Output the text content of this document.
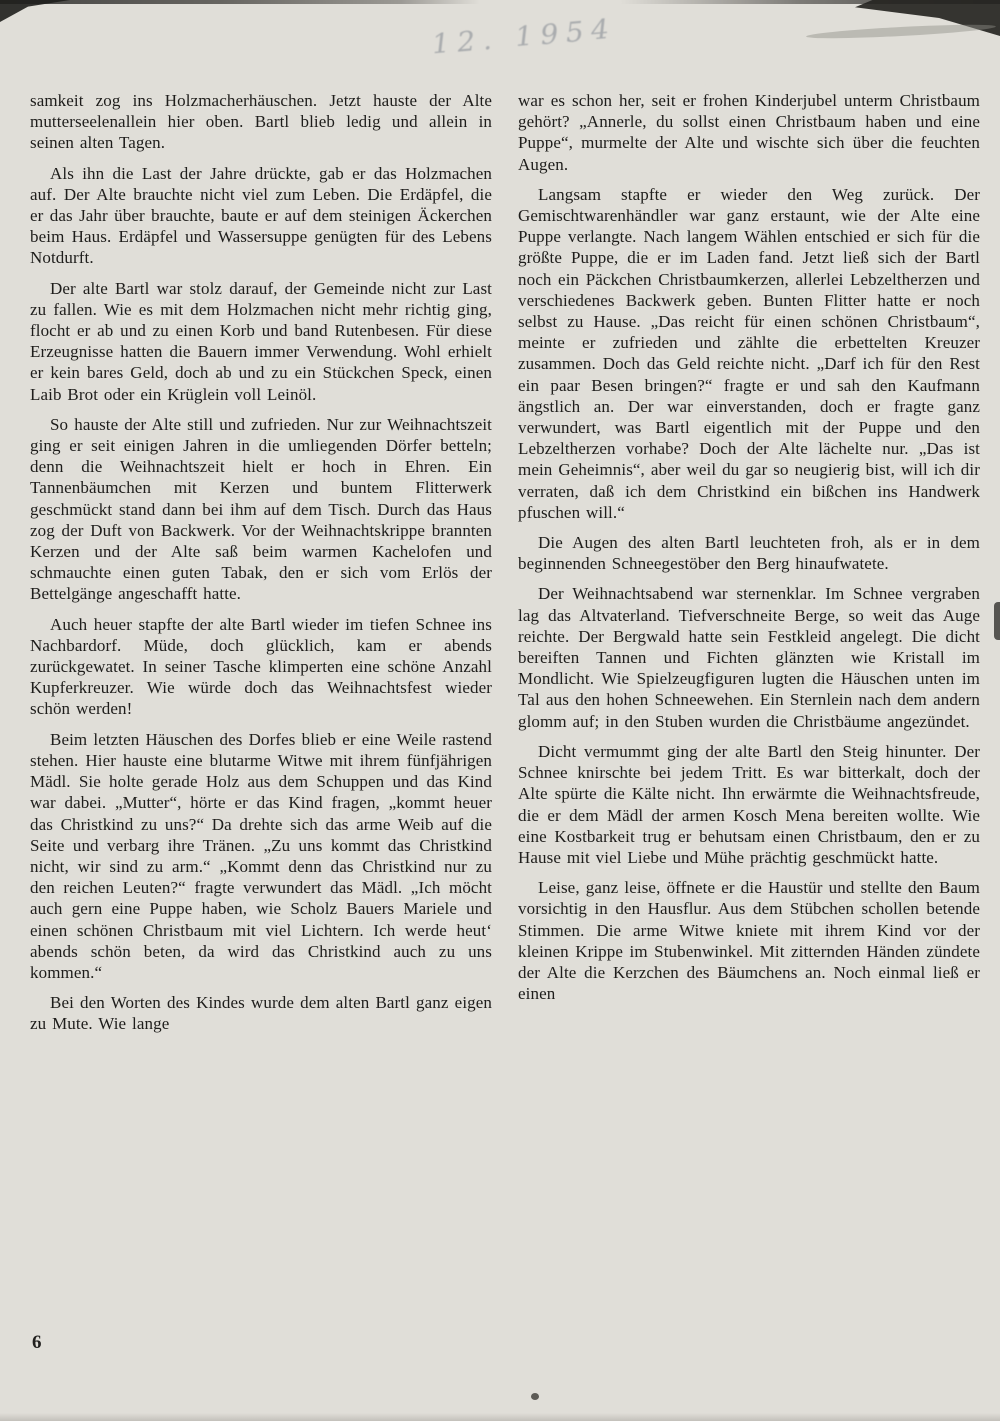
12. 1954

samkeit zog ins Holzmacherhäuschen. Jetzt hauste der Alte mutterseelenallein hier oben. Bartl blieb ledig und allein in seinen alten Tagen.

Als ihn die Last der Jahre drückte, gab er das Holzmachen auf. Der Alte brauchte nicht viel zum Leben. Die Erdäpfel, die er das Jahr über brauchte, baute er auf dem steinigen Äckerchen beim Haus. Erdäpfel und Wassersuppe genügten für des Lebens Notdurft.

Der alte Bartl war stolz darauf, der Gemeinde nicht zur Last zu fallen. Wie es mit dem Holzmachen nicht mehr richtig ging, flocht er ab und zu einen Korb und band Rutenbesen. Für diese Erzeugnisse hatten die Bauern immer Verwendung. Wohl erhielt er kein bares Geld, doch ab und zu ein Stückchen Speck, einen Laib Brot oder ein Krüglein voll Leinöl.

So hauste der Alte still und zufrieden. Nur zur Weihnachtszeit ging er seit einigen Jahren in die umliegenden Dörfer betteln; denn die Weihnachtszeit hielt er hoch in Ehren. Ein Tannenbäumchen mit Kerzen und buntem Flitterwerk geschmückt stand dann bei ihm auf dem Tisch. Durch das Haus zog der Duft von Backwerk. Vor der Weihnachtskrippe brannten Kerzen und der Alte saß beim warmen Kachelofen und schmauchte einen guten Tabak, den er sich vom Erlös der Bettelgänge angeschafft hatte.

Auch heuer stapfte der alte Bartl wieder im tiefen Schnee ins Nachbardorf. Müde, doch glücklich, kam er abends zurückgewatet. In seiner Tasche klimperten eine schöne Anzahl Kupferkreuzer. Wie würde doch das Weihnachtsfest wieder schön werden!

Beim letzten Häuschen des Dorfes blieb er eine Weile rastend stehen. Hier hauste eine blutarme Witwe mit ihrem fünfjährigen Mädl. Sie holte gerade Holz aus dem Schuppen und das Kind war dabei. „Mutter“, hörte er das Kind fragen, „kommt heuer das Christkind zu uns?“ Da drehte sich das arme Weib auf die Seite und verbarg ihre Tränen. „Zu uns kommt das Christkind nicht, wir sind zu arm.“ „Kommt denn das Christkind nur zu den reichen Leuten?“ fragte verwundert das Mädl. „Ich möcht auch gern eine Puppe haben, wie Scholz Bauers Mariele und einen schönen Christbaum mit viel Lichtern. Ich werde heut‘ abends schön beten, da wird das Christkind auch zu uns kommen.“

Bei den Worten des Kindes wurde dem alten Bartl ganz eigen zu Mute. Wie lange

war es schon her, seit er frohen Kinderjubel unterm Christbaum gehört? „Annerle, du sollst einen Christbaum haben und eine Puppe“, murmelte der Alte und wischte sich über die feuchten Augen.

Langsam stapfte er wieder den Weg zurück. Der Gemischtwarenhändler war ganz erstaunt, wie der Alte eine Puppe verlangte. Nach langem Wählen entschied er sich für die größte Puppe, die er im Laden fand. Jetzt ließ sich der Bartl noch ein Päckchen Christbaumkerzen, allerlei Lebzeltherzen und verschiedenes Backwerk geben. Bunten Flitter hatte er noch selbst zu Hause. „Das reicht für einen schönen Christbaum“, meinte er zufrieden und zählte die erbettelten Kreuzer zusammen. Doch das Geld reichte nicht. „Darf ich für den Rest ein paar Besen bringen?“ fragte er und sah den Kaufmann ängstlich an. Der war einverstanden, doch er fragte ganz verwundert, was Bartl eigentlich mit der Puppe und den Lebzeltherzen vorhabe? Doch der Alte lächelte nur. „Das ist mein Geheimnis“, aber weil du gar so neugierig bist, will ich dir verraten, daß ich dem Christkind ein bißchen ins Handwerk pfuschen will.“

Die Augen des alten Bartl leuchteten froh, als er in dem beginnenden Schneegestöber den Berg hinaufwatete.

Der Weihnachtsabend war sternenklar. Im Schnee vergraben lag das Altvaterland. Tiefverschneite Berge, so weit das Auge reichte. Der Bergwald hatte sein Festkleid angelegt. Die dicht bereiften Tannen und Fichten glänzten wie Kristall im Mondlicht. Wie Spielzeugfiguren lugten die Häuschen unten im Tal aus den hohen Schneewehen. Ein Sternlein nach dem andern glomm auf; in den Stuben wurden die Christbäume angezündet.

Dicht vermummt ging der alte Bartl den Steig hinunter. Der Schnee knirschte bei jedem Tritt. Es war bitterkalt, doch der Alte spürte die Kälte nicht. Ihn erwärmte die Weihnachtsfreude, die er dem Mädl der armen Kosch Mena bereiten wollte. Wie eine Kostbarkeit trug er behutsam einen Christbaum, den er zu Hause mit viel Liebe und Mühe prächtig geschmückt hatte.

Leise, ganz leise, öffnete er die Haustür und stellte den Baum vorsichtig in den Hausflur. Aus dem Stübchen schollen betende Stimmen. Die arme Witwe kniete mit ihrem Kind vor der kleinen Krippe im Stubenwinkel. Mit zitternden Händen zündete der Alte die Kerzchen des Bäumchens an. Noch einmal ließ er einen

6
